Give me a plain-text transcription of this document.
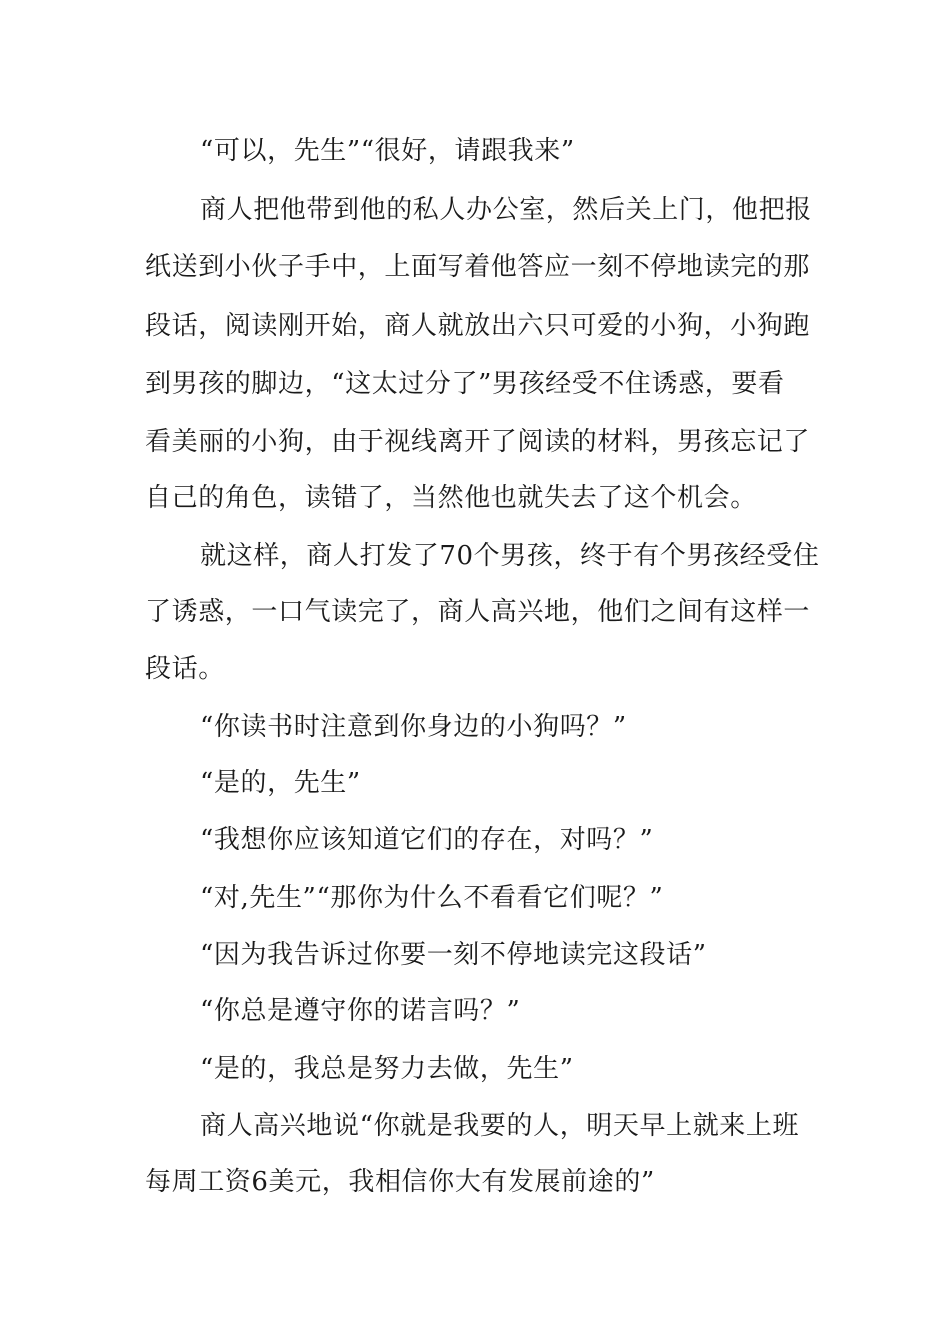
“可以，先生”“很好，请跟我来”
商人把他带到他的私人办公室，然后关上门，他把报
纸送到小伙子手中，上面写着他答应一刻不停地读完的那
段话，阅读刚开始，商人就放出六只可爱的小狗，小狗跑
到男孩的脚边，“这太过分了”男孩经受不住诱惑，要看
看美丽的小狗，由于视线离开了阅读的材料，男孩忘记了
自己的角色，读错了，当然他也就失去了这个机会。
就这样，商人打发了70个男孩，终于有个男孩经受住
了诱惑，一口气读完了，商人高兴地，他们之间有这样一
段话。
“你读书时注意到你身边的小狗吗？”
“是的，先生”
“我想你应该知道它们的存在，对吗？”
“对,先生”“那你为什么不看看它们呢？”
“因为我告诉过你要一刻不停地读完这段话”
“你总是遵守你的诺言吗？”
“是的，我总是努力去做，先生”
商人高兴地说“你就是我要的人，明天早上就来上班
每周工资6美元，我相信你大有发展前途的”
